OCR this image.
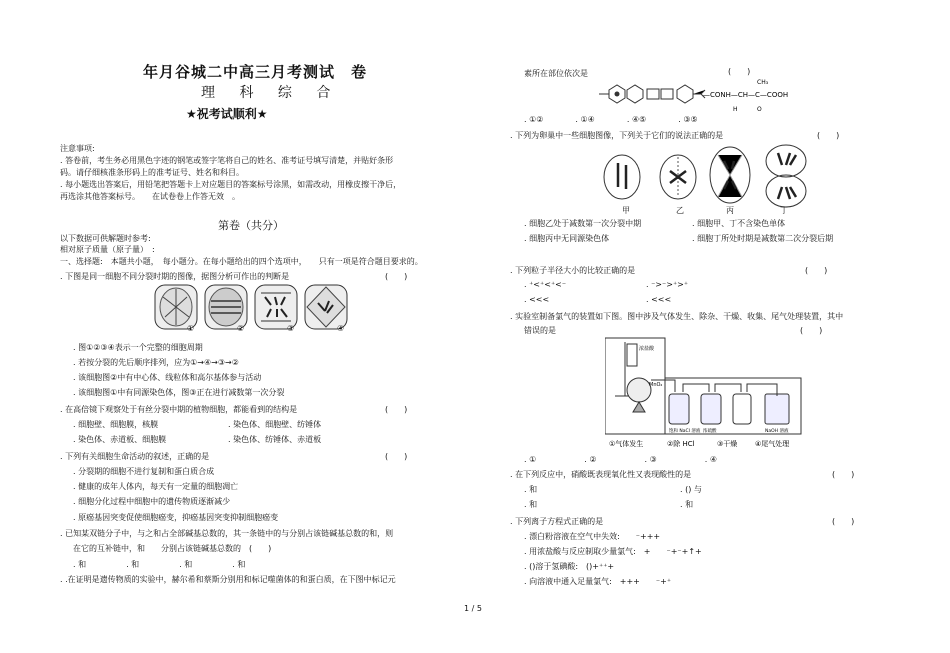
年月谷城二中高三月考测试　卷
理 科 综 合
★祝考试顺利★
注意事项:
. 答卷前，考生务必用黑色字迹的钢笔或签字笔将自己的姓名、准考证号填写清楚，并贴好条形
码。请仔细核准条形码上的准考证号、姓名和科目。
. 每小题选出答案后，用铅笔把答题卡上对应题目的答案标号涂黑，如需改动，用橡皮擦干净后，
再选涂其他答案标号。　　在试卷卷上作答无效　。
第卷（共分）
以下数据可供解题时参考:
相对原子质量（原子量）　:
一、选择题:　本题共小题，　每小题分。在每小题给出的四个选项中，　　只有一项是符合题目要求的。
. 下图是同一细胞不同分裂时期的图像，据图分析可作出的判断是	(　　)
①	②	③	④
. 图①②③④表示一个完整的细胞周期
. 若按分裂的先后顺序排列，应为①→④→③→②
. 该细胞图②中有中心体、线粒体和高尔基体参与活动
. 该细胞图①中有同源染色体，图③正在进行减数第一次分裂
. 在高倍镜下观察处于有丝分裂中期的植物细胞，都能看到的结构是	(　　)
. 细胞壁、细胞膜，核膜	. 染色体、细胞壁、纺锤体
. 染色体、赤道板、细胞膜	. 染色体、纺锤体、赤道板
. 下列有关细胞生命活动的叙述，正确的是	(　　)
. 分裂期的细胞不进行复制和蛋白质合成
. 健康的成年人体内，每天有一定量的细胞凋亡
. 细胞分化过程中细胞中的遗传物质逐渐减少
. 原癌基因突变促使细胞癌变，抑癌基因突变抑制细胞癌变
. 已知某双链分子中，与之和占全部碱基总数的，其一条链中的与分别占该链碱基总数的和，则
在它的互补链中，和　　分别占该链碱基总数的　(　　)
. 和　　　　　. 和　　　　　. 和　　　　　. 和
. .在证明是遗传物质的实验中，赫尔希和蔡斯分别用和标记噬菌体的和蛋白质，在下图中标记元
素所在部位依次是	(　　)
—CONH—CH—C—COOH
CH₃
H	O
. ①②　　　　. ①④　　　　. ④⑤　　　　. ③⑤
. 下列为卵巢中一些细胞图像，下列关于它们的说法正确的是	(　　)
甲	乙	丙	丁
. 细胞乙处于减数第一次分裂中期	. 细胞甲、丁不含染色单体
. 细胞丙中无同源染色体	. 细胞丁所处时期是减数第二次分裂后期
. 下列粒子半径大小的比较正确的是	(　　)
. ⁺<⁺<⁺<⁻	. ⁻>⁻>⁺>⁺
. <<<	. <<<
. 实验室制备氯气的装置如下图。图中涉及气体发生、除杂、干燥、收集、尾气处理装置，其中
错误的是	(　　)
浓盐酸
MnO₂
饱和 NaCl 溶液 浓硫酸	NaOH 溶液
①气体发生	②除 HCl	③干燥	④尾气处理
. ①　　　　　　. ②　　　　　　. ③　　　　　　. ④
. 在下列反应中，硝酸既表现氧化性又表现酸性的是	(　　)
. 和	. () 与
. 和	. 和
. 下列离子方程式正确的是	(　　)
. 漂白粉溶液在空气中失效:　　⁻+++
. 用浓盐酸与反应制取少量氯气:　+　　⁻+⁻+↑+
. ()溶于氢碘酸:　()+⁺⁺+
. 向溶液中通入足量氯气:　+++　　⁻+⁺
1 / 5
